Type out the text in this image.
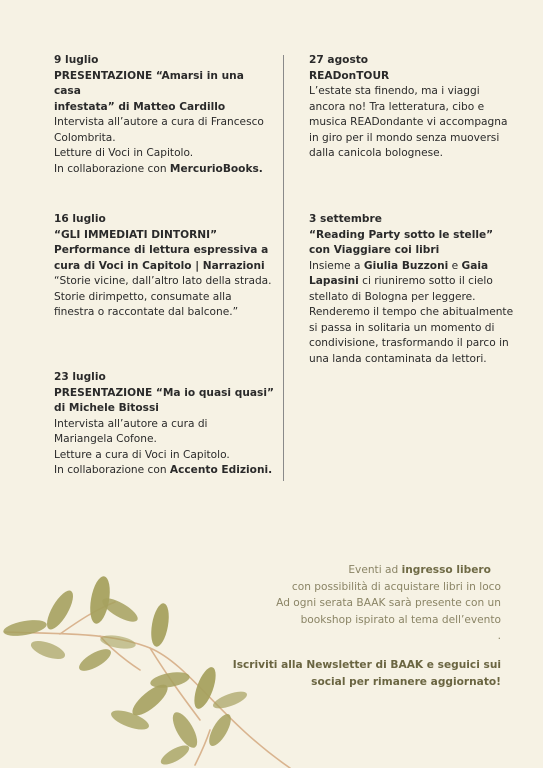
9 luglio
PRESENTAZIONE “Amarsi in una casa
infestata” di Matteo Cardillo
Intervista all’autore a cura di Francesco
Colombrita.
Letture di Voci in Capitolo.
In collaborazione con MercurioBooks.
16 luglio
“GLI IMMEDIATI DINTORNI”
Performance di lettura espressiva a
cura di Voci in Capitolo | Narrazioni
“Storie vicine, dall’altro lato della strada.
Storie dirimpetto, consumate alla
finestra o raccontate dal balcone.”
23 luglio
PRESENTAZIONE “Ma io quasi quasi”
di Michele Bitossi
Intervista all’autore a cura di
Mariangela Cofone.
Letture a cura di Voci in Capitolo.
In collaborazione con Accento Edizioni.
27 agosto
READonTOUR
L’estate sta finendo, ma i viaggi
ancora no! Tra letteratura, cibo e
musica READondante vi accompagna
in giro per il mondo senza muoversi
dalla canicola bolognese.
3 settembre
“Reading Party sotto le stelle”
con Viaggiare coi libri
Insieme a Giulia Buzzoni e Gaia
Lapasini ci riuniremo sotto il cielo
stellato di Bologna per leggere.
Renderemo il tempo che abitualmente
si passa in solitaria un momento di
condivisione, trasformando il parco in
una landa contaminata da lettori.
Eventi ad ingresso libero
con possibilità di acquistare libri in loco
Ad ogni serata BAAK sarà presente con un
bookshop ispirato al tema dell’evento
.
Iscriviti alla Newsletter di BAAK e seguici sui
social per rimanere aggiornato!
